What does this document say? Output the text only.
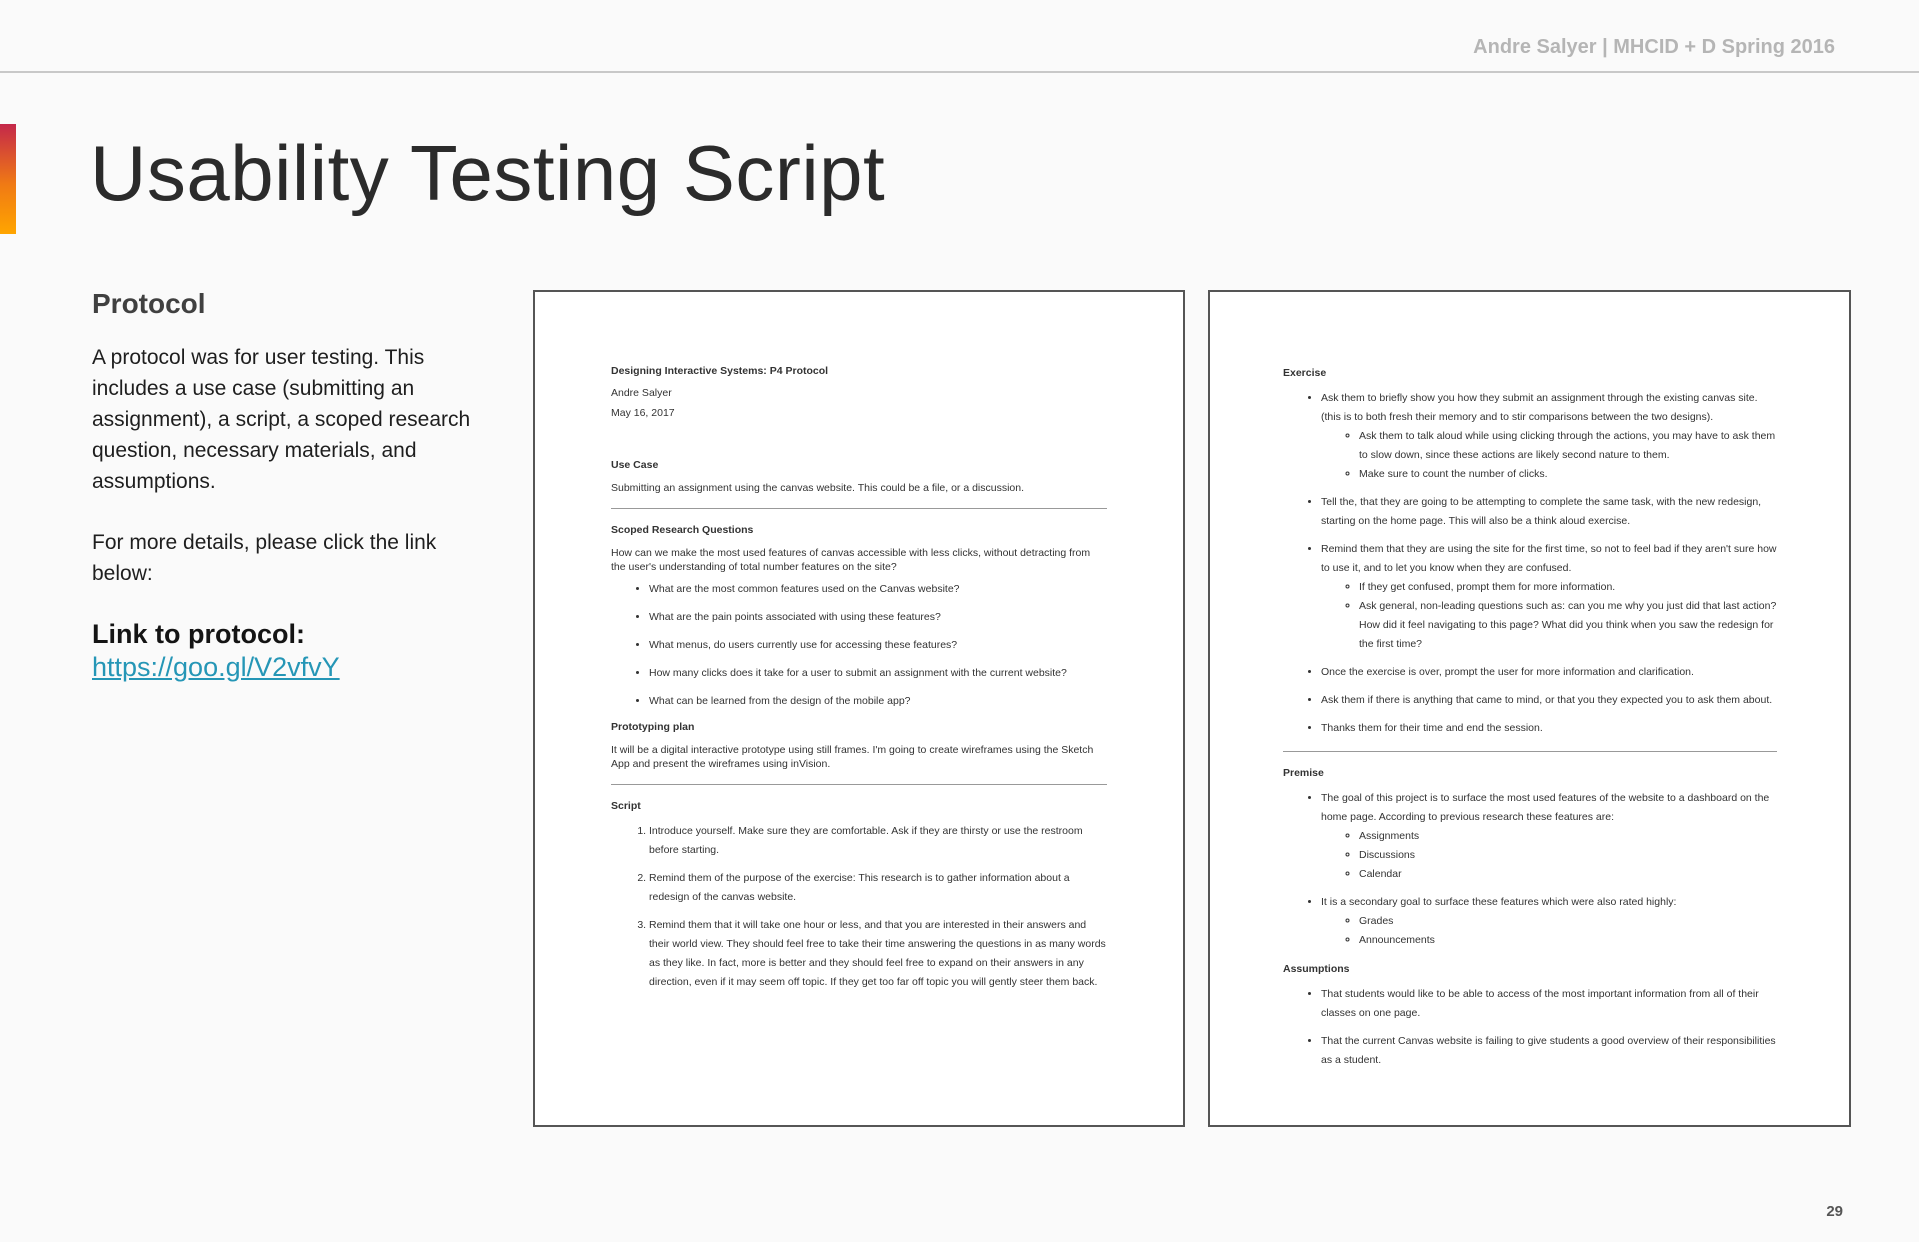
Andre Salyer | MHCID + D Spring 2016
Usability Testing Script
Protocol

A protocol was for user testing. This includes a use case (submitting an assignment), a script, a scoped research question, necessary materials, and assumptions.

For more details, please click the link below:

Link to protocol:
https://goo.gl/V2vfvY
Designing Interactive Systems: P4 Protocol
Andre Salyer
May 16, 2017
Use Case
Submitting an assignment using the canvas website. This could be a file, or a discussion.
Scoped Research Questions
How can we make the most used features of canvas accessible with less clicks, without detracting from the user's understanding of total number features on the site?
• What are the most common features used on the Canvas website?
• What are the pain points associated with using these features?
• What menus, do users currently use for accessing these features?
• How many clicks does it take for a user to submit an assignment with the current website?
• What can be learned from the design of the mobile app?
Prototyping plan
It will be a digital interactive prototype using still frames. I'm going to create wireframes using the Sketch App and present the wireframes using inVision.
Script
1. Introduce yourself. Make sure they are comfortable. Ask if they are thirsty or use the restroom before starting.
2. Remind them of the purpose of the exercise: This research is to gather information about a redesign of the canvas website.
3. Remind them that it will take one hour or less, and that you are interested in their answers and their world view. They should feel free to take their time answering the questions in as many words as they like. In fact, more is better and they should feel free to expand on their answers in any direction, even if it may seem off topic. If they get too far off topic you will gently steer them back.
Exercise
• Ask them to briefly show you how they submit an assignment through the existing canvas site. (this is to both fresh their memory and to stir comparisons between the two designs).
◦ Ask them to talk aloud while using clicking through the actions, you may have to ask them to slow down, since these actions are likely second nature to them.
◦ Make sure to count the number of clicks.
• Tell the, that they are going to be attempting to complete the same task, with the new redesign, starting on the home page. This will also be a think aloud exercise.
• Remind them that they are using the site for the first time, so not to feel bad if they aren't sure how to use it, and to let you know when they are confused.
◦ If they get confused, prompt them for more information.
◦ Ask general, non-leading questions such as: can you me why you just did that last action? How did it feel navigating to this page? What did you think when you saw the redesign for the first time?
• Once the exercise is over, prompt the user for more information and clarification.
• Ask them if there is anything that came to mind, or that you they expected you to ask them about.
• Thanks them for their time and end the session.
Premise
• The goal of this project is to surface the most used features of the website to a dashboard on the home page. According to previous research these features are:
◦ Assignments
◦ Discussions
◦ Calendar
• It is a secondary goal to surface these features which were also rated highly:
◦ Grades
◦ Announcements
Assumptions
• That students would like to be able to access of the most important information from all of their classes on one page.
• That the current Canvas website is failing to give students a good overview of their responsibilities as a student.
29
